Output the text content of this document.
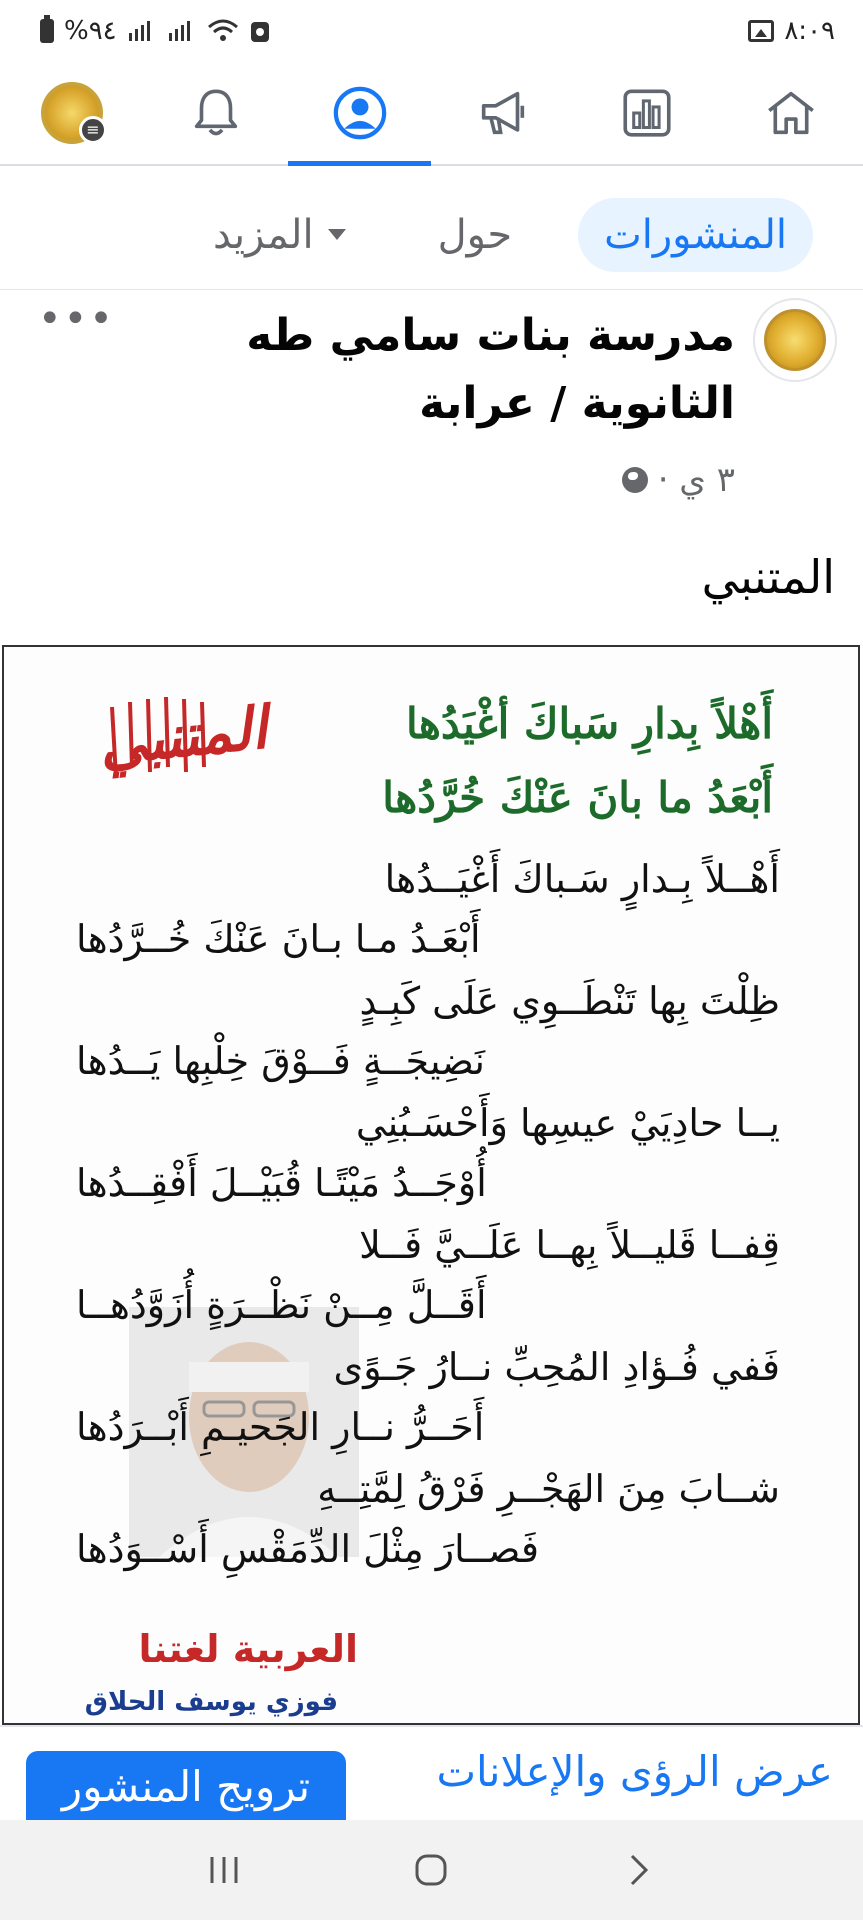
%٩٤	٨:٠٩
≡
المنشورات
حول
المزيد
مدرسة بنات سامي طه الثانوية / عرابة
٣ ي ·
•••
المتنبي
أَهْلاً بِدارِ سَباكَ أغْيَدُها
أَبْعَدُ ما بانَ عَنْكَ خُرَّدُها
المتنبي
أَهْــلاً بِـدارٍ سَـباكَ أَغْيَــدُها
أَبْعَـدُ مـا بـانَ عَنْكَ خُــرَّدُها
ظِلْتَ بِها تَنْطَــوِي عَلَى كَبِـدٍ
نَضِيجَــةٍ فَــوْقَ خِلْبِها يَــدُها
يــا حادِيَيْ عيسِها وَأَحْسَـبُنِي
أُوْجَــدُ مَيْتًـا قُبَيْــلَ أَفْقِــدُها
قِفــا قَليــلاً بِهــا عَلَــيَّ فَــلا
أَقَــلَّ مِــنْ نَظْــرَةٍ أُزَوَّدُهــا
فَفي فُـؤادِ المُحِبِّ نــارُ جَـوًى
أَحَــرُّ نــارِ الجَحيـمِ أَبْــرَدُها
شــابَ مِنَ الهَجْــرِ فَرْقُ لِمَّتِــهِ
فَصــارَ مِثْلَ الدِّمَقْسِ أَسْــوَدُها
العربية لغتنا
فوزي يوسف الحلاق
عرض الرؤى والإعلانات
ترويج المنشور
